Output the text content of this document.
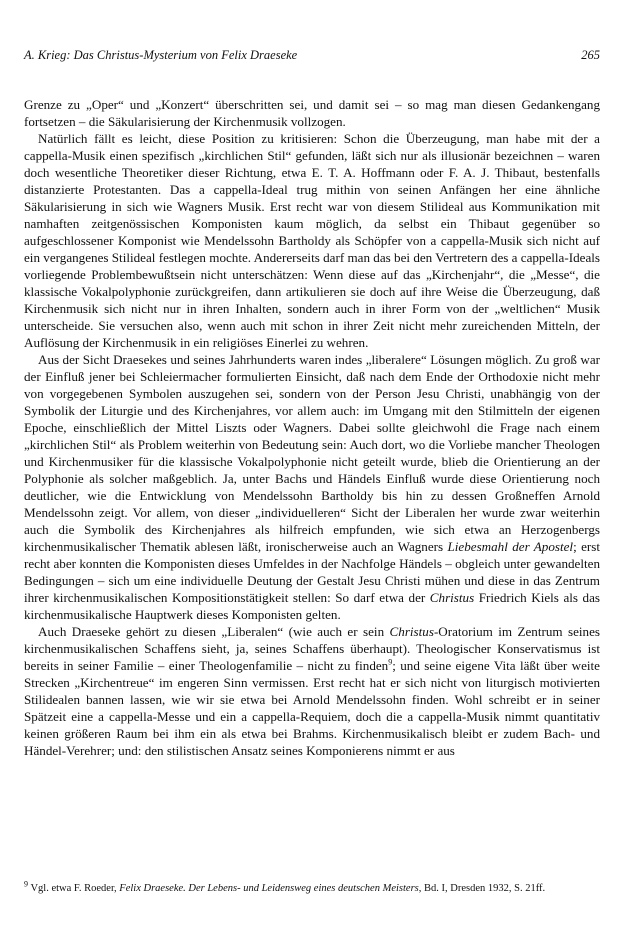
A. Krieg: Das Christus-Mysterium von Felix Draeseke	265

Grenze zu „Oper“ und „Konzert“ überschritten sei, und damit sei – so mag man diesen Gedankengang fortsetzen – die Säkularisierung der Kirchenmusik vollzogen.

Natürlich fällt es leicht, diese Position zu kritisieren: Schon die Überzeugung, man habe mit der a cappella-Musik einen spezifisch „kirchlichen Stil“ gefunden, läßt sich nur als illusionär bezeichnen – waren doch wesentliche Theoretiker dieser Richtung, etwa E. T. A. Hoffmann oder F. A. J. Thibaut, bestenfalls distanzierte Protestanten. Das a cappella-Ideal trug mithin von seinen Anfängen her eine ähnliche Säkularisierung in sich wie Wagners Musik. Erst recht war von diesem Stilideal aus Kommunikation mit namhaften zeitgenössischen Komponisten kaum möglich, da selbst ein Thibaut gegenüber so aufgeschlossener Komponist wie Mendelssohn Bartholdy als Schöpfer von a cappella-Musik sich nicht auf ein vergangenes Stilideal festlegen mochte. Andererseits darf man das bei den Vertretern des a cappella-Ideals vorliegende Problembewußtsein nicht unterschätzen: Wenn diese auf das „Kirchenjahr“, die „Messe“, die klassische Vokalpolyphonie zurückgreifen, dann artikulieren sie doch auf ihre Weise die Überzeugung, daß Kirchenmusik sich nicht nur in ihren Inhalten, sondern auch in ihrer Form von der „weltlichen“ Musik unterscheide. Sie versuchen also, wenn auch mit schon in ihrer Zeit nicht mehr zureichenden Mitteln, der Auflösung der Kirchenmusik in ein religiöses Einerlei zu wehren.

Aus der Sicht Draesekes und seines Jahrhunderts waren indes „liberalere“ Lösungen möglich. Zu groß war der Einfluß jener bei Schleiermacher formulierten Einsicht, daß nach dem Ende der Orthodoxie nicht mehr von vorgegebenen Symbolen auszugehen sei, sondern von der Person Jesu Christi, unabhängig von der Symbolik der Liturgie und des Kirchenjahres, vor allem auch: im Umgang mit den Stilmitteln der eigenen Epoche, einschließlich der Mittel Liszts oder Wagners. Dabei sollte gleichwohl die Frage nach einem „kirchlichen Stil“ als Problem weiterhin von Bedeutung sein: Auch dort, wo die Vorliebe mancher Theologen und Kirchenmusiker für die klassische Vokalpolyphonie nicht geteilt wurde, blieb die Orientierung an der Polyphonie als solcher maßgeblich. Ja, unter Bachs und Händels Einfluß wurde diese Orientierung noch deutlicher, wie die Entwicklung von Mendelssohn Bartholdy bis hin zu dessen Großneffen Arnold Mendelssohn zeigt. Vor allem, von dieser „individuelleren“ Sicht der Liberalen her wurde zwar weiterhin auch die Symbolik des Kirchenjahres als hilfreich empfunden, wie sich etwa an Herzogenbergs kirchenmusikalischer Thematik ablesen läßt, ironischerweise auch an Wagners Liebesmahl der Apostel; erst recht aber konnten die Komponisten dieses Umfeldes in der Nachfolge Händels – obgleich unter gewandelten Bedingungen – sich um eine individuelle Deutung der Gestalt Jesu Christi mühen und diese in das Zentrum ihrer kirchenmusikalischen Kompositionstätigkeit stellen: So darf etwa der Christus Friedrich Kiels als das kirchenmusikalische Hauptwerk dieses Komponisten gelten.

Auch Draeseke gehört zu diesen „Liberalen“ (wie auch er sein Christus-Oratorium im Zentrum seines kirchenmusikalischen Schaffens sieht, ja, seines Schaffens überhaupt). Theologischer Konservatismus ist bereits in seiner Familie – einer Theologenfamilie – nicht zu finden$^9$; und seine eigene Vita läßt über weite Strecken „Kirchentreue“ im engeren Sinn vermissen. Erst recht hat er sich nicht von liturgisch motivierten Stilidealen bannen lassen, wie wir sie etwa bei Arnold Mendelssohn finden. Wohl schreibt er in seiner Spätzeit eine a cappella-Messe und ein a cappella-Requiem, doch die a cappella-Musik nimmt quantitativ keinen größeren Raum bei ihm ein als etwa bei Brahms. Kirchenmusikalisch bleibt er zudem Bach- und Händel-Verehrer; und: den stilistischen Ansatz seines Komponierens nimmt er aus

$^9$ Vgl. etwa F. Roeder, Felix Draeseke. Der Lebens- und Leidensweg eines deutschen Meisters, Bd. I, Dresden 1932, S. 21ff.
